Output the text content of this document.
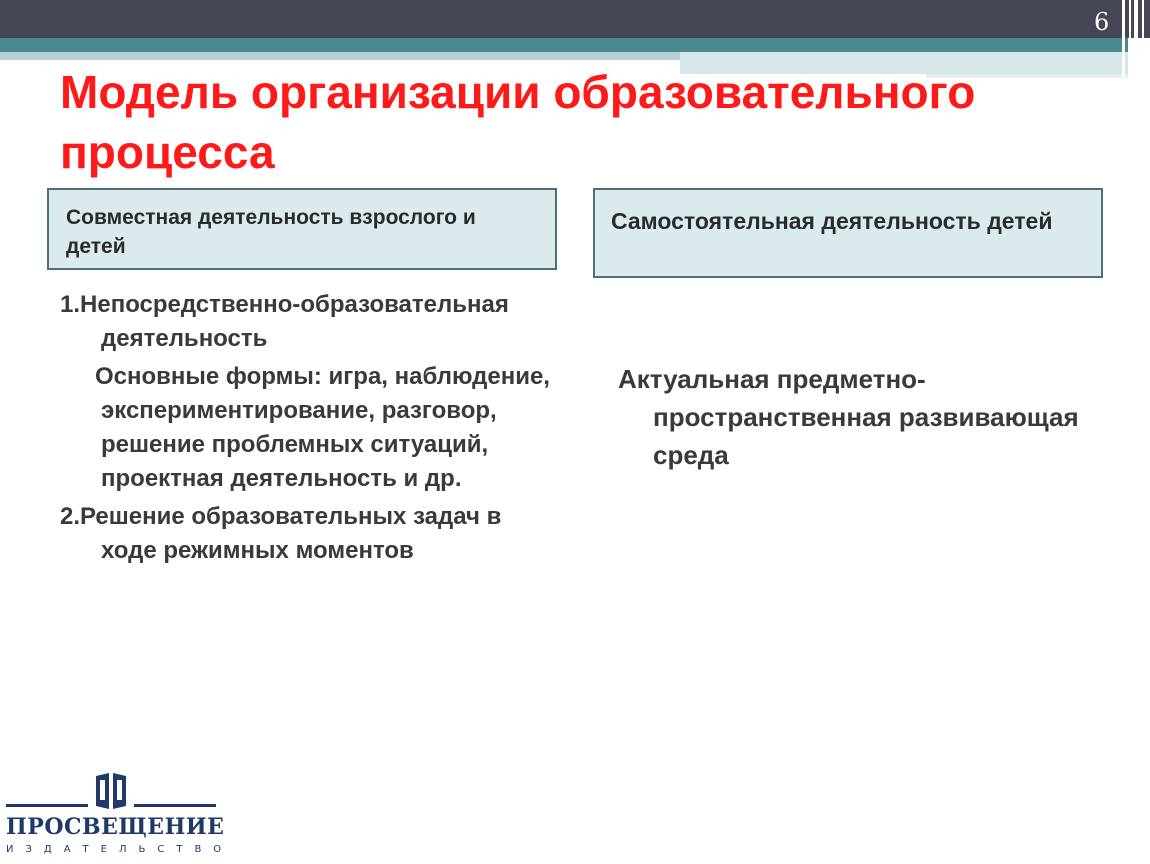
6
Модель организации образовательного процесса
Совместная деятельность взрослого и детей
Самостоятельная деятельность детей

1.Непосредственно-образовательная деятельность

Основные формы: игра, наблюдение, экспериментирование, разговор, решение проблемных ситуаций, проектная деятельность и др.

2.Решение образовательных задач в ходе режимных моментов

Актуальная предметно-пространственная развивающая среда
ПРОСВЕЩЕНИЕ
ИЗДАТЕЛЬСТВО
